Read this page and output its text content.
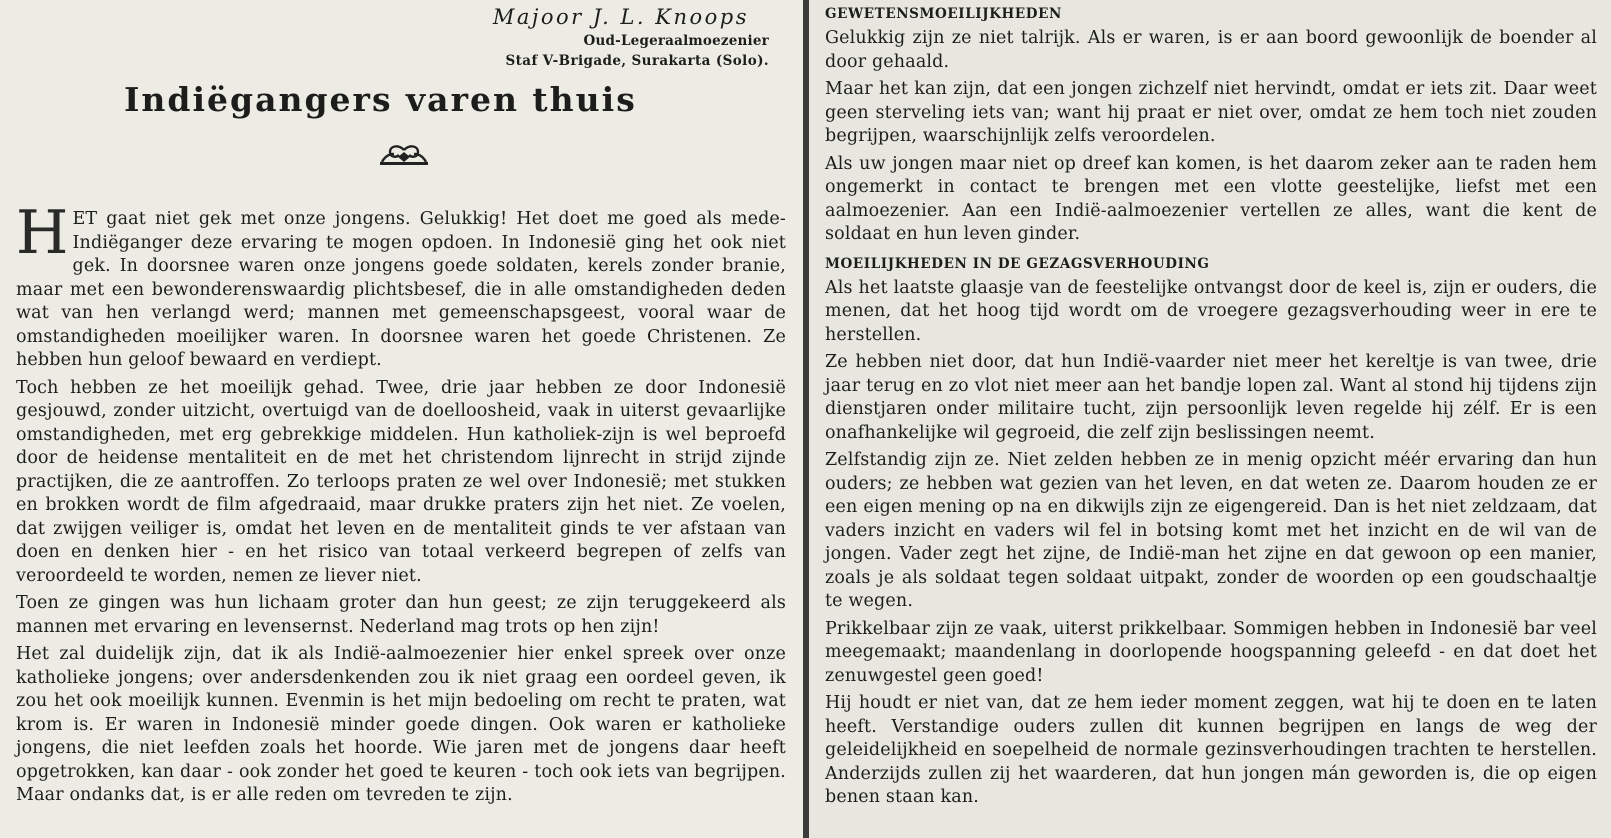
Majoor J. L. Knoops
Oud-Legeraalmoezenier
Staf V-Brigade, Surakarta (Solo).
Indiëgangers varen thuis

HET gaat niet gek met onze jongens. Gelukkig! Het doet me goed als mede-Indiëganger deze ervaring te mogen opdoen. In Indonesië ging het ook niet gek. In doorsnee waren onze jongens goede soldaten, kerels zonder branie, maar met een bewonderenswaardig plichtsbesef, die in alle omstandigheden deden wat van hen verlangd werd; mannen met gemeenschapsgeest, vooral waar de omstandigheden moeilijker waren. In doorsnee waren het goede Christenen. Ze hebben hun geloof bewaard en verdiept.

Toch hebben ze het moeilijk gehad. Twee, drie jaar hebben ze door Indonesië gesjouwd, zonder uitzicht, overtuigd van de doelloosheid, vaak in uiterst gevaarlijke omstandigheden, met erg gebrekkige middelen. Hun katholiek-zijn is wel beproefd door de heidense mentaliteit en de met het christendom lijnrecht in strijd zijnde practijken, die ze aantroffen. Zo terloops praten ze wel over Indonesië; met stukken en brokken wordt de film afgedraaid, maar drukke praters zijn het niet. Ze voelen, dat zwijgen veiliger is, omdat het leven en de mentaliteit ginds te ver afstaan van doen en denken hier - en het risico van totaal verkeerd begrepen of zelfs van veroordeeld te worden, nemen ze liever niet.

Toen ze gingen was hun lichaam groter dan hun geest; ze zijn teruggekeerd als mannen met ervaring en levensernst. Nederland mag trots op hen zijn!

Het zal duidelijk zijn, dat ik als Indië-aalmoezenier hier enkel spreek over onze katholieke jongens; over andersdenkenden zou ik niet graag een oordeel geven, ik zou het ook moeilijk kunnen. Evenmin is het mijn bedoeling om recht te praten, wat krom is. Er waren in Indonesië minder goede dingen. Ook waren er katholieke jongens, die niet leefden zoals het hoorde. Wie jaren met de jongens daar heeft opgetrokken, kan daar - ook zonder het goed te keuren - toch ook iets van begrijpen. Maar ondanks dat, is er alle reden om tevreden te zijn.

GEWETENSMOEILIJKHEDEN

Gelukkig zijn ze niet talrijk. Als er waren, is er aan boord gewoonlijk de boender al door gehaald.

Maar het kan zijn, dat een jongen zichzelf niet hervindt, omdat er iets zit. Daar weet geen sterveling iets van; want hij praat er niet over, omdat ze hem toch niet zouden begrijpen, waarschijnlijk zelfs veroordelen.

Als uw jongen maar niet op dreef kan komen, is het daarom zeker aan te raden hem ongemerkt in contact te brengen met een vlotte geestelijke, liefst met een aalmoezenier. Aan een Indië-aalmoezenier vertellen ze alles, want die kent de soldaat en hun leven ginder.

MOEILIJKHEDEN IN DE GEZAGSVERHOUDING

Als het laatste glaasje van de feestelijke ontvangst door de keel is, zijn er ouders, die menen, dat het hoog tijd wordt om de vroegere gezagsverhouding weer in ere te herstellen.

Ze hebben niet door, dat hun Indië-vaarder niet meer het kereltje is van twee, drie jaar terug en zo vlot niet meer aan het bandje lopen zal. Want al stond hij tijdens zijn dienstjaren onder militaire tucht, zijn persoonlijk leven regelde hij zélf. Er is een onafhankelijke wil gegroeid, die zelf zijn beslissingen neemt.

Zelfstandig zijn ze. Niet zelden hebben ze in menig opzicht méér ervaring dan hun ouders; ze hebben wat gezien van het leven, en dat weten ze. Daarom houden ze er een eigen mening op na en dikwijls zijn ze eigengereid. Dan is het niet zeldzaam, dat vaders inzicht en vaders wil fel in botsing komt met het inzicht en de wil van de jongen. Vader zegt het zijne, de Indië-man het zijne en dat gewoon op een manier, zoals je als soldaat tegen soldaat uitpakt, zonder de woorden op een goudschaaltje te wegen.

Prikkelbaar zijn ze vaak, uiterst prikkelbaar. Sommigen hebben in Indonesië bar veel meegemaakt; maandenlang in doorlopende hoogspanning geleefd - en dat doet het zenuwgestel geen goed!

Hij houdt er niet van, dat ze hem ieder moment zeggen, wat hij te doen en te laten heeft. Verstandige ouders zullen dit kunnen begrijpen en langs de weg der geleidelijkheid en soepelheid de normale gezinsverhoudingen trachten te herstellen. Anderzijds zullen zij het waarderen, dat hun jongen mán geworden is, die op eigen benen staan kan.
